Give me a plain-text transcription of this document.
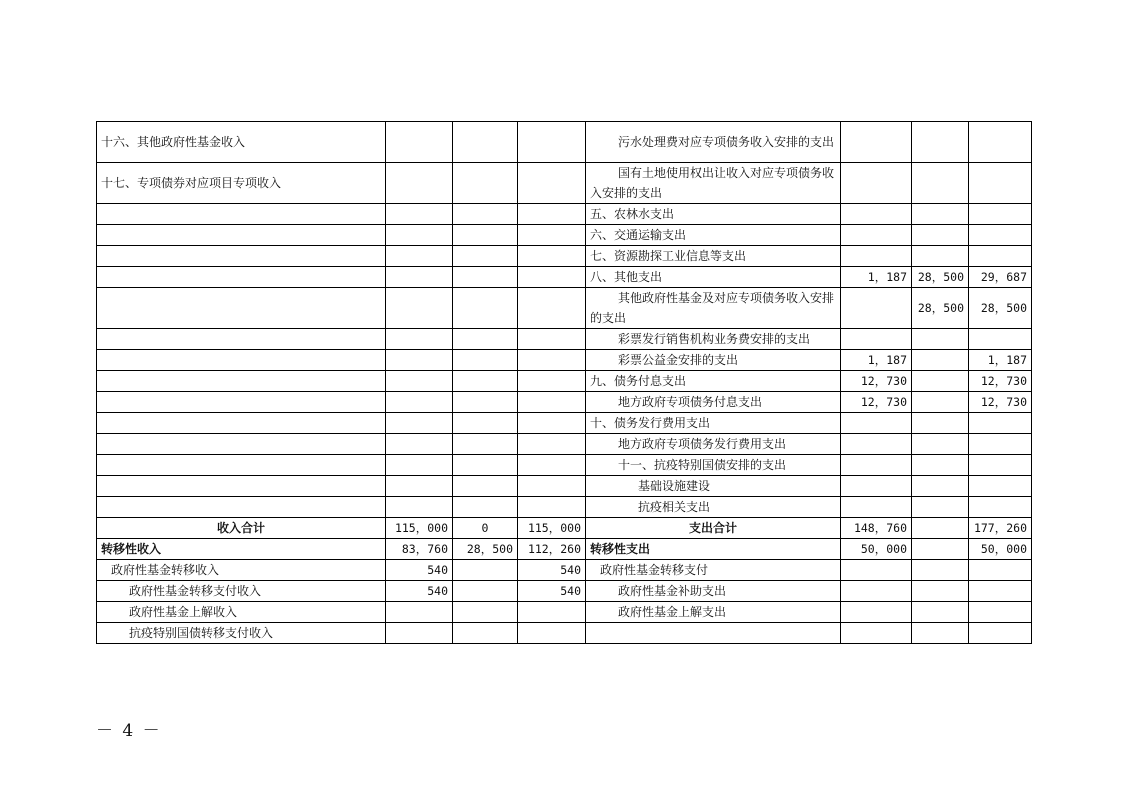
十六、其他政府性基金收入				污水处理费对应专项债务收入安排的支出			
十七、专项债券对应项目专项收入				国有土地使用权出让收入对应专项债务收入安排的支出			
				五、农林水支出			
				六、交通运输支出			
				七、资源勘探工业信息等支出			
				八、其他支出	1，187	28，500	29，687
				其他政府性基金及对应专项债务收入安排的支出		28，500	28，500
				彩票发行销售机构业务费安排的支出			
				彩票公益金安排的支出	1，187		1，187
				九、债务付息支出	12，730		12，730
				地方政府专项债务付息支出	12，730		12，730
				十、债务发行费用支出			
				地方政府专项债务发行费用支出			
				十一、抗疫特别国债安排的支出			
				基础设施建设			
				抗疫相关支出			
收入合计	115，000	0	115，000	支出合计	148，760		177，260
转移性收入	83，760	28，500	112，260	转移性支出	50，000		50，000
政府性基金转移收入	540		540	政府性基金转移支付			
政府性基金转移支付收入	540		540	政府性基金补助支出			
政府性基金上解收入				政府性基金上解支出			
抗疫特别国债转移支付收入							
－ 4 －
